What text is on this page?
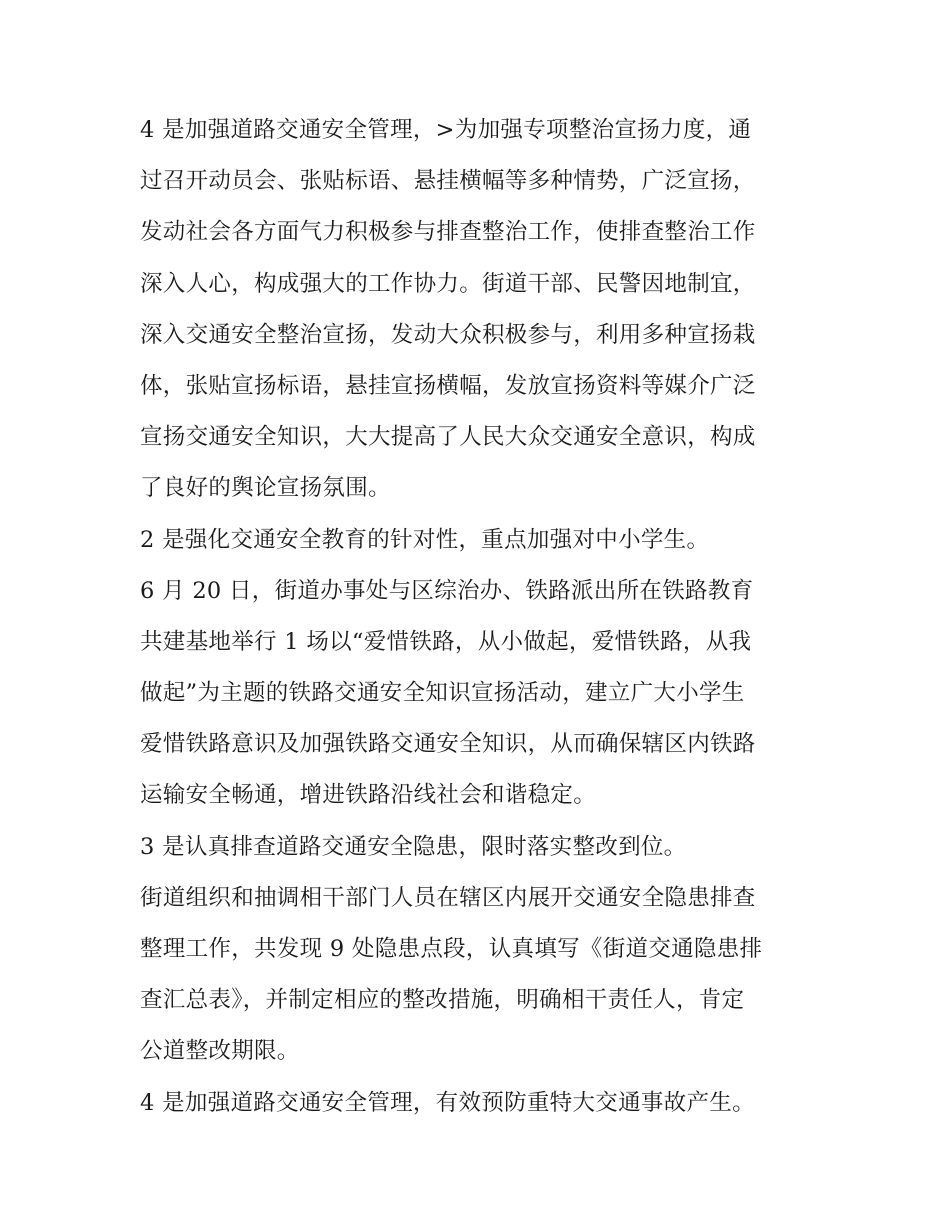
4 是加强道路交通安全管理，>为加强专项整治宣扬力度，通
过召开动员会、张贴标语、悬挂横幅等多种情势，广泛宣扬，
发动社会各方面气力积极参与排查整治工作，使排查整治工作
深入人心，构成强大的工作协力。街道干部、民警因地制宜，
深入交通安全整治宣扬，发动大众积极参与，利用多种宣扬栽
体，张贴宣扬标语，悬挂宣扬横幅，发放宣扬资料等媒介广泛
宣扬交通安全知识，大大提高了人民大众交通安全意识，构成
了良好的舆论宣扬氛围。
2 是强化交通安全教育的针对性，重点加强对中小学生。
6 月 20 日，街道办事处与区综治办、铁路派出所在铁路教育
共建基地举行 1 场以“爱惜铁路，从小做起，爱惜铁路，从我
做起”为主题的铁路交通安全知识宣扬活动，建立广大小学生
爱惜铁路意识及加强铁路交通安全知识，从而确保辖区内铁路
运输安全畅通，增进铁路沿线社会和谐稳定。
3 是认真排查道路交通安全隐患，限时落实整改到位。
街道组织和抽调相干部门人员在辖区内展开交通安全隐患排查
整理工作，共发现 9 处隐患点段，认真填写《街道交通隐患排
查汇总表》，并制定相应的整改措施，明确相干责任人，肯定
公道整改期限。
4 是加强道路交通安全管理，有效预防重特大交通事故产生。
